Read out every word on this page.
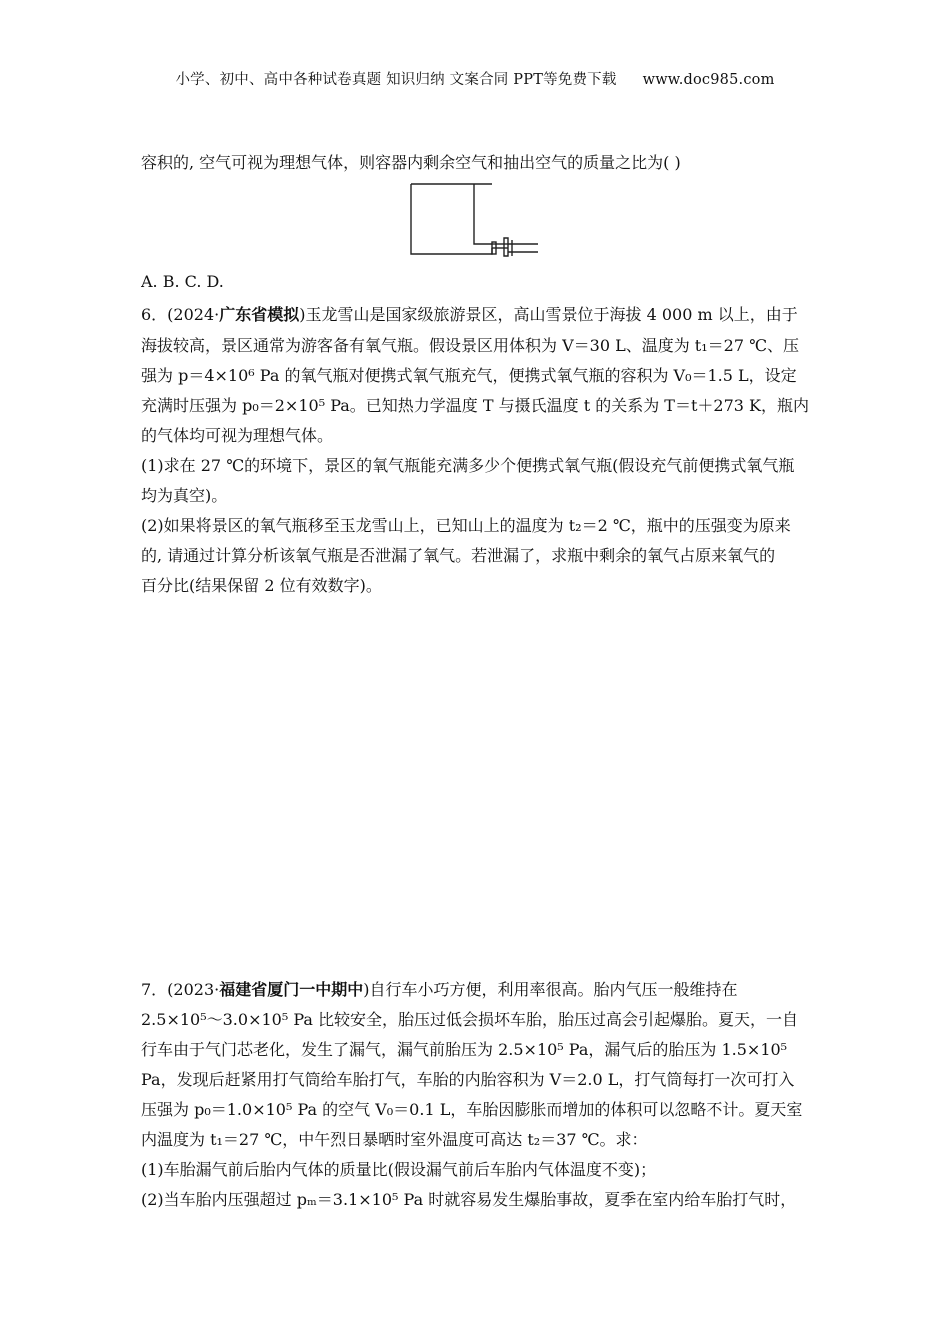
小学、初中、高中各种试卷真题 知识归纳 文案合同 PPT等免费下载 www.doc985.com
容积的, 空气可视为理想气体，则容器内剩余空气和抽出空气的质量之比为( )
A. B. C. D.
6．(2024·广东省模拟)玉龙雪山是国家级旅游景区，高山雪景位于海拔 4 000 m 以上，由于
海拔较高，景区通常为游客备有氧气瓶。假设景区用体积为 V＝30 L、温度为 t₁＝27 ℃、压
强为 p＝4×10⁶ Pa 的氧气瓶对便携式氧气瓶充气，便携式氧气瓶的容积为 V₀＝1.5 L，设定
充满时压强为 p₀＝2×10⁵ Pa。已知热力学温度 T 与摄氏温度 t 的关系为 T＝t＋273 K，瓶内
的气体均可视为理想气体。
(1)求在 27 ℃的环境下，景区的氧气瓶能充满多少个便携式氧气瓶(假设充气前便携式氧气瓶
均为真空)。
(2)如果将景区的氧气瓶移至玉龙雪山上，已知山上的温度为 t₂＝2 ℃，瓶中的压强变为原来
的, 请通过计算分析该氧气瓶是否泄漏了氧气。若泄漏了，求瓶中剩余的氧气占原来氧气的
百分比(结果保留 2 位有效数字)。
7．(2023·福建省厦门一中期中)自行车小巧方便，利用率很高。胎内气压一般维持在
2.5×10⁵～3.0×10⁵ Pa 比较安全，胎压过低会损坏车胎，胎压过高会引起爆胎。夏天，一自
行车由于气门芯老化，发生了漏气，漏气前胎压为 2.5×10⁵ Pa，漏气后的胎压为 1.5×10⁵
Pa，发现后赶紧用打气筒给车胎打气，车胎的内胎容积为 V＝2.0 L，打气筒每打一次可打入
压强为 p₀＝1.0×10⁵ Pa 的空气 V₀＝0.1 L，车胎因膨胀而增加的体积可以忽略不计。夏天室
内温度为 t₁＝27 ℃，中午烈日暴晒时室外温度可高达 t₂＝37 ℃。求：
(1)车胎漏气前后胎内气体的质量比(假设漏气前后车胎内气体温度不变)；
(2)当车胎内压强超过 pₘ＝3.1×10⁵ Pa 时就容易发生爆胎事故，夏季在室内给车胎打气时，
